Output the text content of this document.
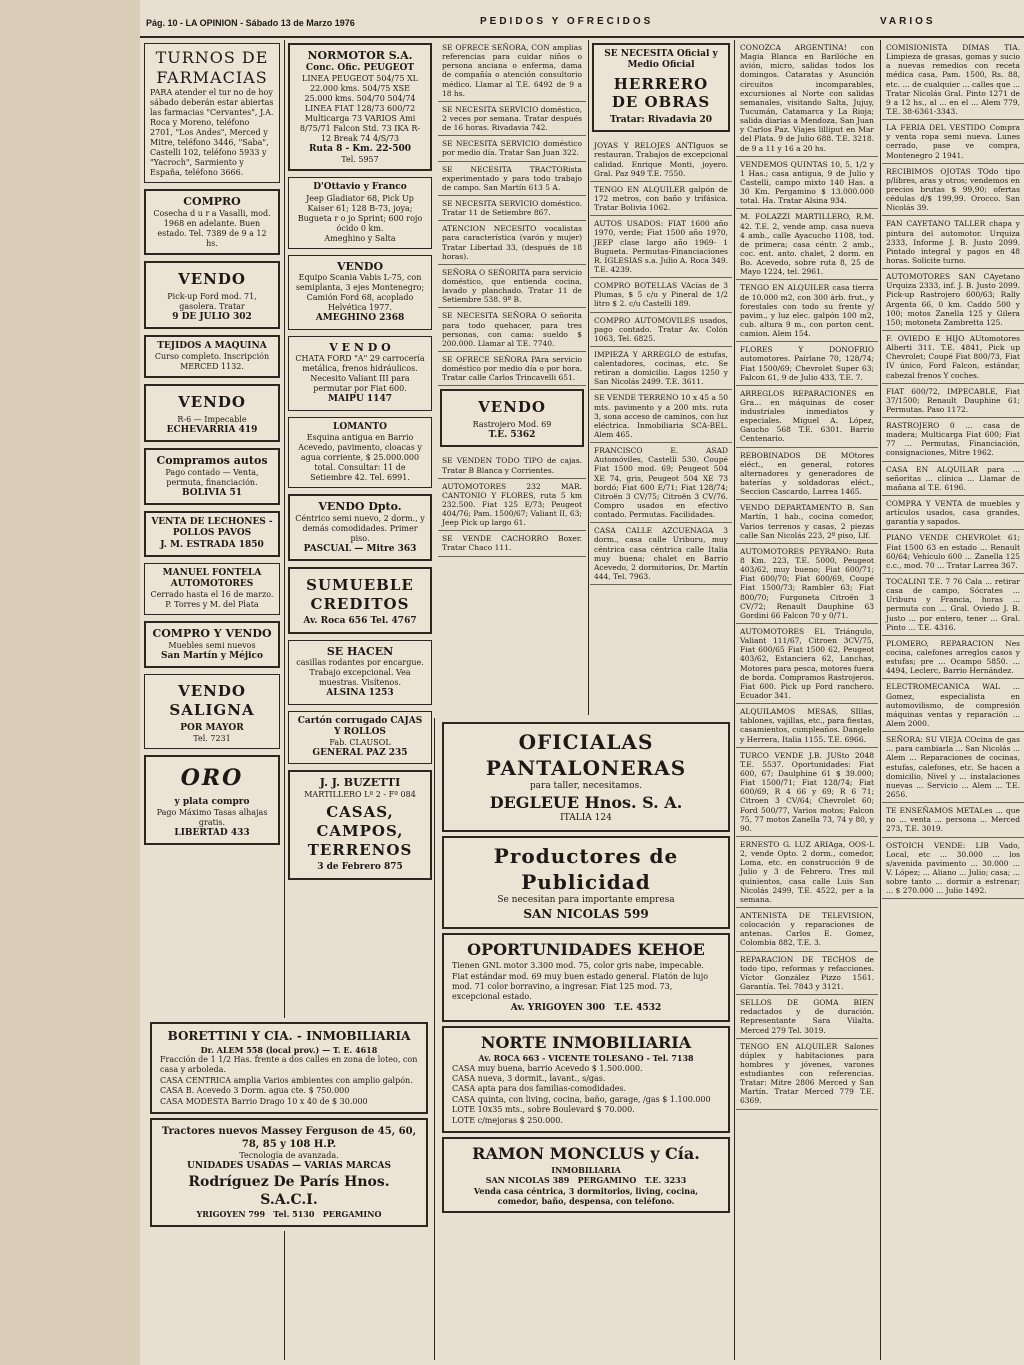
Pág. 10 - LA OPINION - Sábado 13 de Marzo 1976	PEDIDOS Y OFRECIDOS	VARIOS
TURNOS DE FARMACIAS
PARA atender el tur no de hoy sábado deberán estar abiertas las farmacias "Cervantes", J.A. Roca y Moreno, teléfono 2701, "Los Andes", Merced y Mitre, teléfono 3446, "Saba", Castelli 102, teléfono 5933 y "Yacroch", Sarmiento y España, teléfono 3666.
COMPRO
Cosecha d u r a Vasalli, mod. 1968 en adelante. Buen estado. Tel. 7389 de 9 a 12 hs.
VENDO
Pick-up Ford mod. 71, gasolera. Tratar
9 DE JULIO 302
TEJIDOS A MAQUINA
Curso completo. Inscripción MERCED 1132.
VENDO
R-6 — Impecable
ECHEVARRIA 419
Compramos autos
Pago contado — Venta, permuta, financiación.
BOLIVIA 51
VENTA DE LECHONES - POLLOS PAVOS
J. M. ESTRADA 1850
MANUEL FONTELA AUTOMOTORES
Cerrado hasta el 16 de marzo.
P. Torres y M. del Plata
COMPRO Y VENDO
Muebles semi nuevos
San Martín y Méjico
VENDO SALIGNA
POR MAYOR
Tel. 7231
ORO
y plata compro
Pago Máximo Tasas alhajas gratis.
LIBERTAD 433
NORMOTOR S.A.
Conc. Ofic. PEUGEOT
LINEA PEUGEOT 504/75 XL 22.000 kms. 504/75 XSE 25.000 kms. 504/70 504/74 LINEA FIAT 128/73 600/72 Multicarga 73 VARIOS Ami 8/75/71 Falcon Std. 73 IKA R-12 Break 74 4/S/73
Ruta 8 - Km. 22-500
Tel. 5957
D'Ottavio y Franco
Jeep Gladiator 68, Pick Up Kaiser 61; 128 B-73, joya; Bugueta r o jo Sprint; 600 rojo ócido 0 km.
Ameghino y Salta
VENDO
Equipo Scania Vabis L-75, con semiplanta, 3 ejes Montenegro; Camión Ford 68, acoplado Helvética 1977.
AMEGHINO 2368
V E N D O
CHATA FORD "A" 29 carrocería metálica, frenos hidráulicos. Necesito Valiant III para permutar por Fiat 600.
MAIPU 1147
LOMANTO
Esquina antigua en Barrio Acevedo, pavimento, cloacas y agua corriente, $ 25.000.000 total. Consultar: 11 de Setiembre 42. Tel. 6991.
VENDO Dpto.
Céntrico semi nuevo, 2 dorm., y demás comodidades. Primer piso.
PASCUAL — Mitre 363
SUMUEBLE CREDITOS
Av. Roca 656 Tel. 4767
SE HACEN
casillas rodantes por encargue. Trabajo excepcional. Vea muestras. Visítenos.
ALSINA 1253
Cartón corrugado CAJAS Y ROLLOS
Fab. CLAUSOL
GENERAL PAZ 235
J. J. BUZETTI
MARTILLERO Lº 2 - Fº 084
CASAS, CAMPOS, TERRENOS
3 de Febrero 875
SE OFRECE SEÑORA, CON amplias referencias para cuidar niños o persona anciana o enferma, dama de compañía o atención consultorio médico. Llamar al T.E. 6492 de 9 a 18 hs.
SE NECESITA SERVICIO doméstico, 2 veces por semana. Tratar después de 16 horas. Rivadavia 742.
SE NECESITA SERVICIO doméstico por medio día. Tratar San Juan 322.
SE NECESITA TRACTORista experimentado y para todo trabajo de campo. San Martín 613 5 A.
SE NECESITA SERVICIO doméstico. Tratar 11 de Setiembre 867.
ATENCION NECESITO vocalistas para característica (varón y mujer) Tratar Libertad 33, (después de 18 horas).
SEÑORA O SEÑORITA para servicio doméstico, que entienda cocina, lavado y planchado. Tratar 11 de Setiembre 538. 9º B.
SE NECESITA SEÑORA O señorita para todo quehacer, para tres personas, con cama: sueldo $ 200.000. Llamar al T.E. 7740.
SE OFRECE SEÑORA PAra servicio doméstico por medio día o por hora. Tratar calle Carlos Trincavelli 651.
VENDO
Rastrojero Mod. 69
T.E. 5362
SE VENDEN TODO TIPO de cajas. Tratar B Blanca y Corrientes.
AUTOMOTORES 232 MAR. CANTONIO Y FLORES, ruta 5 km 232.500. Fiat 125 E/73; Peugeot 404/76; Pam. 1500/67; Valiant II, 63; Jeep Pick up largo 61.
SE VENDE CACHORRO Boxer. Tratar Chaco 111.
SE NECESITA Oficial y Medio Oficial
HERRERO DE OBRAS
Tratar: Rivadavia 20
JOYAS Y RELOJES ANTIguos se restauran. Trabajos de excepcional calidad. Enrique Monti, joyero. Gral. Paz 949 T.E. 7550.
TENGO EN ALQUILER galpón de 172 metros, con baño y trifásica. Tratar Bolivia 1062.
AUTOS USADOS: FIAT 1600 año 1970, verde; Fiat 1500 año 1970, JEEP clase largo año 1969- 1 Bugueta. Permutas-Financiaciones R. IGLESIAS s.a. Julio A. Roca 349. T.E. 4239.
COMPRO BOTELLAS VAcías de 3 Plumas, $ 5 c/u y Pineral de 1/2 litro $ 2. c/u Castelli 189.
COMPRO AUTOMOVILES usados, pago contado. Tratar Av. Colón 1063, Tel. 6825.
IMPIEZA Y ARREGLO de estufas, calentadores, cocinas, etc. Se retiran a domicilio. Lagos 1250 y San Nicolás 2499. T.E. 3611.
SE VENDE TERRENO 10 x 45 a 50 mts. pavimento y a 200 mts. ruta 3, sona acceso de caminos, con luz eléctrica. Inmobiliaria SCA-BEL. Alem 465.
FRANCISCO E. ASAD Automóviles, Castelli 530. Coupé Fiat 1500 mod. 69; Peugeot 504 XE 74, gris, Peugeot 504 XE 73 bordó; Fiat 600 E/71; Fiat 128/74; Citroën 3 CV/75; Citroën 3 CV/76. Compro usados en efectivo contado. Permutas. Facilidades.
CASA CALLE AZCUENAGA 3 dorm., casa calle Uriburu, muy céntrica casa céntrica calle Italia muy buena; chalet en Barrio Acevedo, 2 dormitorios, Dr. Martín 444, Tel. 7963.
CONOZCA ARGENTINA! con Magia Blanca en Barilóche en avión, micro, salidas todos los domingos. Cataratas y Asunción circuitos incomparables, excursiones al Norte con salidas semanales, visitando Salta, Jujuy, Tucumán, Catamarca y La Rioja; salida diarias a Mendoza, San Juan y Carlos Paz. Viajes lilliput en Mar del Plata. 9 de Julio 688. T.E. 3218. de 9 a 11 y 16 a 20 hs.
VENDEMOS QUINTAS 10, 5, 1/2 y 1 Has.; casa antigua, 9 de Julio y Castelli, campo mixto 140 Has. a 30 Km. Pergamino $ 13.000.000 total. Ha. Tratar Alsina 934.
M. FOLAZZI MARTILLERO, R.M. 42. T.E. 2, vende amp. casa nueva 4 amb., calle Ayacucho 1108, tod. de primera; casa céntr. 2 amb., coc. ent. anto. chalet, 2 dorm. en Bo. Acevedo, sobre ruta 8, 25 de Mayo 1224, tel. 2961.
TENGO EN ALQUILER casa tierra de 10.000 m2, con 300 árb. frut., y forestales con todo su frente y/ pavim., y luz elec. galpón 100 m2, cub. altura 9 m., con porton cent. camion. Alem 154.
FLORES Y DONOFRIO automotores. Pairlane 70, 128/74; Fiat 1500/69; Chevrolet Super 63; Falcon 61, 9 de Julio 433, T.E. 7.
ARREGLOS REPARACIONES en Gra... en máquinas de coser industriales inmediatos y especiales. Miguel A. López, Gaucho 568 T.E. 6301. Barrio Centenario.
REBOBINADOS DE MOtores eléct., en general, rotores alternadores y generadores de baterías y soldadoras eléct., Seccion Cascardo, Larrea 1465.
VENDO DEPARTAMENTO B. San Martín, 1 hab., cocina comedor, Varios terrenos y casas, 2 piezas calle San Nicolás 223, 2º piso, Llf.
AUTOMOTORES PEYRANO: Ruta 8 Km. 223, T.E. 5000, Peugeot 403/62, muy bueno; Fiat 600/71; Fiat 600/70; Fiat 600/69, Coupé Fiat 1500/73; Rambler 63; Fiat 800/70; Furgoneta Citroën 3 CV/72; Renault Dauphine 63 Gordini 66 Falcon 70 y 0/71.
AUTOMOTORES EL Triángulo, Valiant 111/67, Citroen 3CV/75, Fiat 600/65 Fiat 1500 62, Peugeot 403/62, Estanciera 62, Lanchas, Motores para pesca, motores fuera de borda. Compramos Rastrojeros. Fiat 600. Pick up Ford ranchero. Ecuador 341.
ALQUILAMOS MESAS, SIllas, tablones, vajillas, etc., para fiestas, casamientos, cumpleaños. Dangelo y Herrera, Italia 1155. T.E. 6966.
TURCO VENDE J.B. JUSto 2048 T.E. 5537. Oportunidades: Fiat 600, 67; Daulphine 61 $ 39.000; Fiat 1500/71; Fiat 128/74; Fiat 600/69, R 4 66 y 69; R 6 71; Citroen 3 CV/64; Chevrolet 60; Ford 500/77, Varios motos; Falcon 75, 77 motos Zanella 73, 74 y 80, y 90.
ERNESTO G. LUZ ARIAga, OOS-L 2, vende Opto. 2 dorm., comedor, Loma, etc. en construcción 9 de Julio y 3 de Febrero. Tres mil quinientos, casa calle Luis San Nicolás 2499, T.E. 4522, per a la semana.
ANTENISTA DE TELEVISION, colocación y reparaciones de antenas. Carlos E. Gomez, Colombia 882, T.E. 3.
REPARACION DE TECHOS de todo tipo, reformas y refacciones. Víctor González Pizzo 1561. Garantía. Tel. 7843 y 3121.
SELLOS DE GOMA BIEN redactados y de duración. Representante Sara Vilalta. Merced 279 Tel. 3019.
TENGO EN ALQUILER Salones dúplex y habitaciones para hombres y jóvenes, varones estudiantes con referencias. Tratar: Mitre 2806 Merced y San Martín. Tratar Merced 779 T.E. 6369.
COMISIONISTA DIMAS TIA. Limpieza de grasas, gomas y sucio a nuevas remedios con receta médica casa, Pam. 1500, Rs. 88, etc. ... de cualquier ... calles que ... Tratar Nicolás Gral. Pinto 1271 de 9 a 12 hs., al ... en el ... Alem 779, T.E. 38-6361-3343.
LA FERIA DEL VESTIDO Compra y venta ropa semi nueva. Lunes cerrado, pase ve compra, Montenegro 2 1941.
RECIBIMOS OJOTAS TOdo tipo p/libres, aras y otros; vendemos en precios brutas $ 99,90; ofertas cédulas d/$ 199,99. Orocco. San Nicolás 39.
FAN CAYETANO TALLER chapa y pintura del automotor. Urquiza 2333, Informe J. B. Justo 2099. Pintado integral y pagos en 48 horas. Solicite turno.
AUTOMOTORES SAN CAyetano Urquiza 2333, inf. J. B. Justo 2099. Pick-up Rastrojero 600/63; Rally Argenta 66, 0 km. Caddo 500 y 100; motos Zanella 125 y Gilera 150; motoneta Zambretta 125.
F. OVIEDO E HIJO AUtomotores Alberti 311. T.E. 4841, Pick up Chevrolet; Coupé Fiat 800/73, Fiat IV único, Ford Falcon, estándar, cabezal frenos Y coches.
FIAT 600/72, IMPECABLE, Fiat 37/1500; Renault Dauphine 61; Permutas. Paso 1172.
RASTROJERO 0 ... casa de madera; Multicarga Fiat 600; Fiat 77 ... Permutas, Financiación, consignaciones, Mitre 1962.
CASA EN ALQUILAR para ... señoritas ... clínica ... Llamar de mañana al T.E. 6196.
COMPRA Y VENTA de muebles y artículos usados, casa grandes, garantía y sapados.
PIANO VENDE CHEVROlet 61; Fiat 1500 63 en estado ... Renault 60/64; Vehículo 600 ... Zanella 125 c.c., mod. 70 ... Tratar Larrea 367.
TOCALINI T.E. 7 76 Cala ... retirar casa de campo, Sócrates ... Uriburu y Francia, horas ... permuta con ... Gral. Oviedo J. B. Justo ... por entero, tener ... Gral. Pinto ... T.E. 4316.
PLOMERO, REPARACION Nes cocina, calefones arreglos casos y estufas; pre ... Ocampo 5850. ... 4494, Leclerc, Barrio Hernández.
ELECTROMECANICA WAL ... Gomez, especialista en automovilismo, de compresión máquinas ventas y reparación ... Alem 2000.
SEÑORA: SU VIEJA COcina de gas ... para cambiarla ... San Nicolás ... Alem ... Reparaciones de cocinas, estufas, calefones, etc. Se hacen a domicilio, Nivel y ... instalaciones nuevas ... Servicio ... Alem ... T.E. 2656.
TE ENSEÑAMOS METALes ... que no ... venta ... persona ... Merced 273, T.E. 3019.
OSTOICH VENDE: LIB Vado, Local, etc ... 30.000 ... los s/avenida pavimento ... 30.000 ... V. López; ... Aliano ... Julio; casa; ... sobre tanto ... dormir a estrenar; ... $ 270.000 ... Julio 1492.
OFICIALAS PANTALONERAS
para taller, necesitamos.
DEGLEUE Hnos. S. A.
ITALIA 124
Productores de Publicidad
Se necesitan para importante empresa
SAN NICOLAS 599
OPORTUNIDADES KEHOE
Tienen GNL motor 3.300 mod. 75, color gris nabe, impecable. Fiat estándar mod. 69 muy buen estado general. Fiatón de lujo mod. 71 color borravino, a ingresar. Fiat 125 mod. 73, excepcional estado.
Av. YRIGOYEN 300 T.E. 4532
NORTE INMOBILIARIA
Av. ROCA 663 - VICENTE TOLESANO - Tel. 7138
CASA muy buena, barrio Acevedo $ 1.500.000.
CASA nueva, 3 dormit., lavant., s/gas.
CASA apta para dos familias-comodidades.
CASA quinta, con living, cocina, baño, garage, /gas $ 1.100.000
LOTE 10x35 mts., sobre Boulevard $ 70.000.
LOTE c/mejoras $ 250.000.
RAMON MONCLUS y Cía.
INMOBILIARIA
SAN NICOLAS 389 PERGAMINO T.E. 3233
Venda casa céntrica, 3 dormitorios, living, cocina, comedor, baño, despensa, con teléfono.
BORETTINI Y CIA. - INMOBILIARIA
Dr. ALEM 558 (local prov.) — T. E. 4618
Fracción de 1 1/2 Has. frente a dos calles en zona de loteo, con casa y arboleda.
CASA CENTRICA amplia Varios ambientes con amplio galpón.
CASA B. Acevedo 3 Dorm. agua cte. $ 750.000
CASA MODESTA Barrio Drago 10 x 40 de $ 30.000
Tractores nuevos Massey Ferguson de 45, 60, 78, 85 y 108 H.P.
Tecnología de avanzada.
UNIDADES USADAS — VARIAS MARCAS
Rodríguez De París Hnos. S.A.C.I.
YRIGOYEN 799 Tel. 5130 PERGAMINO
